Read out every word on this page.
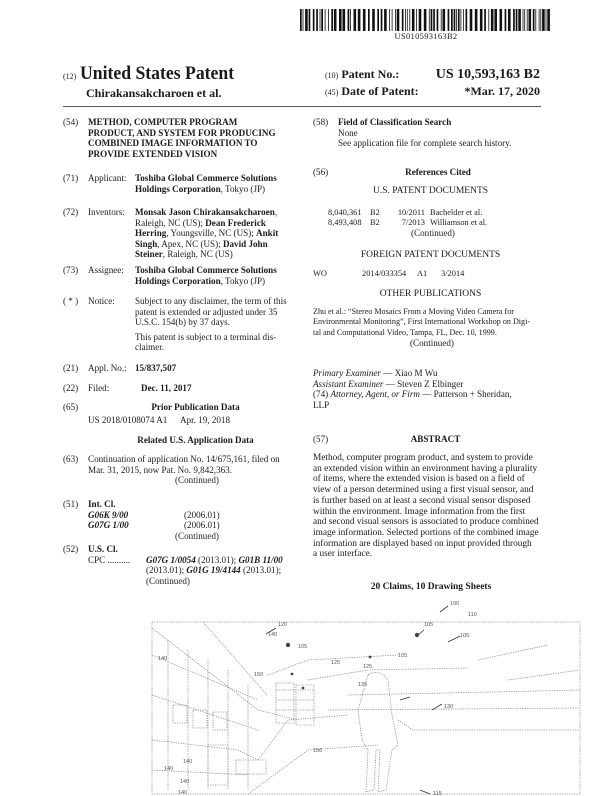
US010593163B2
(12) United States Patent
Chirakansakcharoen et al.
(10) Patent No.:	US 10,593,163 B2
(45) Date of Patent:	*Mar. 17, 2020
(54) METHOD, COMPUTER PROGRAM
PRODUCT, AND SYSTEM FOR PRODUCING
COMBINED IMAGE INFORMATION TO
PROVIDE EXTENDED VISION
(71) Applicant: Toshiba Global Commerce Solutions
Holdings Corporation, Tokyo (JP)
(72) Inventors: Monsak Jason Chirakansakcharoen,
Raleigh, NC (US); Dean Frederick
Herring, Youngsville, NC (US); Ankit
Singh, Apex, NC (US); David John
Steiner, Raleigh, NC (US)
(73) Assignee: Toshiba Global Commerce Solutions
Holdings Corporation, Tokyo (JP)
( * ) Notice: Subject to any disclaimer, the term of this
patent is extended or adjusted under 35
U.S.C. 154(b) by 37 days.
This patent is subject to a terminal dis-
claimer.
(21) Appl. No.: 15/837,507
(22) Filed:	Dec. 11, 2017
(65)	Prior Publication Data
US 2018/0108074 A1 Apr. 19, 2018
Related U.S. Application Data
(63) Continuation of application No. 14/675,161, filed on
Mar. 31, 2015, now Pat. No. 9,842,363.
(Continued)
(51) Int. Cl.
G06K 9/00	(2006.01)
G07G 1/00	(2006.01)
(Continued)
(52) U.S. Cl.
CPC .......... G07G 1/0054 (2013.01); G01B 11/00
(2013.01); G01G 19/4144 (2013.01);
(Continued)
(58) Field of Classification Search
None
See application file for complete search history.
(56)	References Cited
U.S. PATENT DOCUMENTS
8,040,361 B2	10/2011 Bachelder et al.
8,493,408 B2	7/2013 Williamson et al.
(Continued)
FOREIGN PATENT DOCUMENTS
WO	2014/033354 A1 3/2014
OTHER PUBLICATIONS
Zhu et al.: “Stereo Mosaics From a Moving Video Camera for
Environmental Monitoring”, First International Workshop on Digi-
tal and Computational Video, Tampa, FL, Dec. 10, 1999.
(Continued)
Primary Examiner — Xiao M Wu
Assistant Examiner — Steven Z Elbinger
(74) Attorney, Agent, or Firm — Patterson + Sheridan,
LLP
(57)	ABSTRACT
Method, computer program product, and system to provide
an extended vision within an environment having a plurality
of items, where the extended vision is based on a field of
view of a person determined using a first visual sensor, and
is further based on at least a second visual sensor disposed
within the environment. Image information from the first
and second visual sensors is associated to produce combined
image information. Selected portions of the combined image
information are displayed based on input provided through
a user interface.
20 Claims, 10 Drawing Sheets
100
105
105
105
105
110
115
120
125
125
130
135
140
140
140
140
140
140
150
150
